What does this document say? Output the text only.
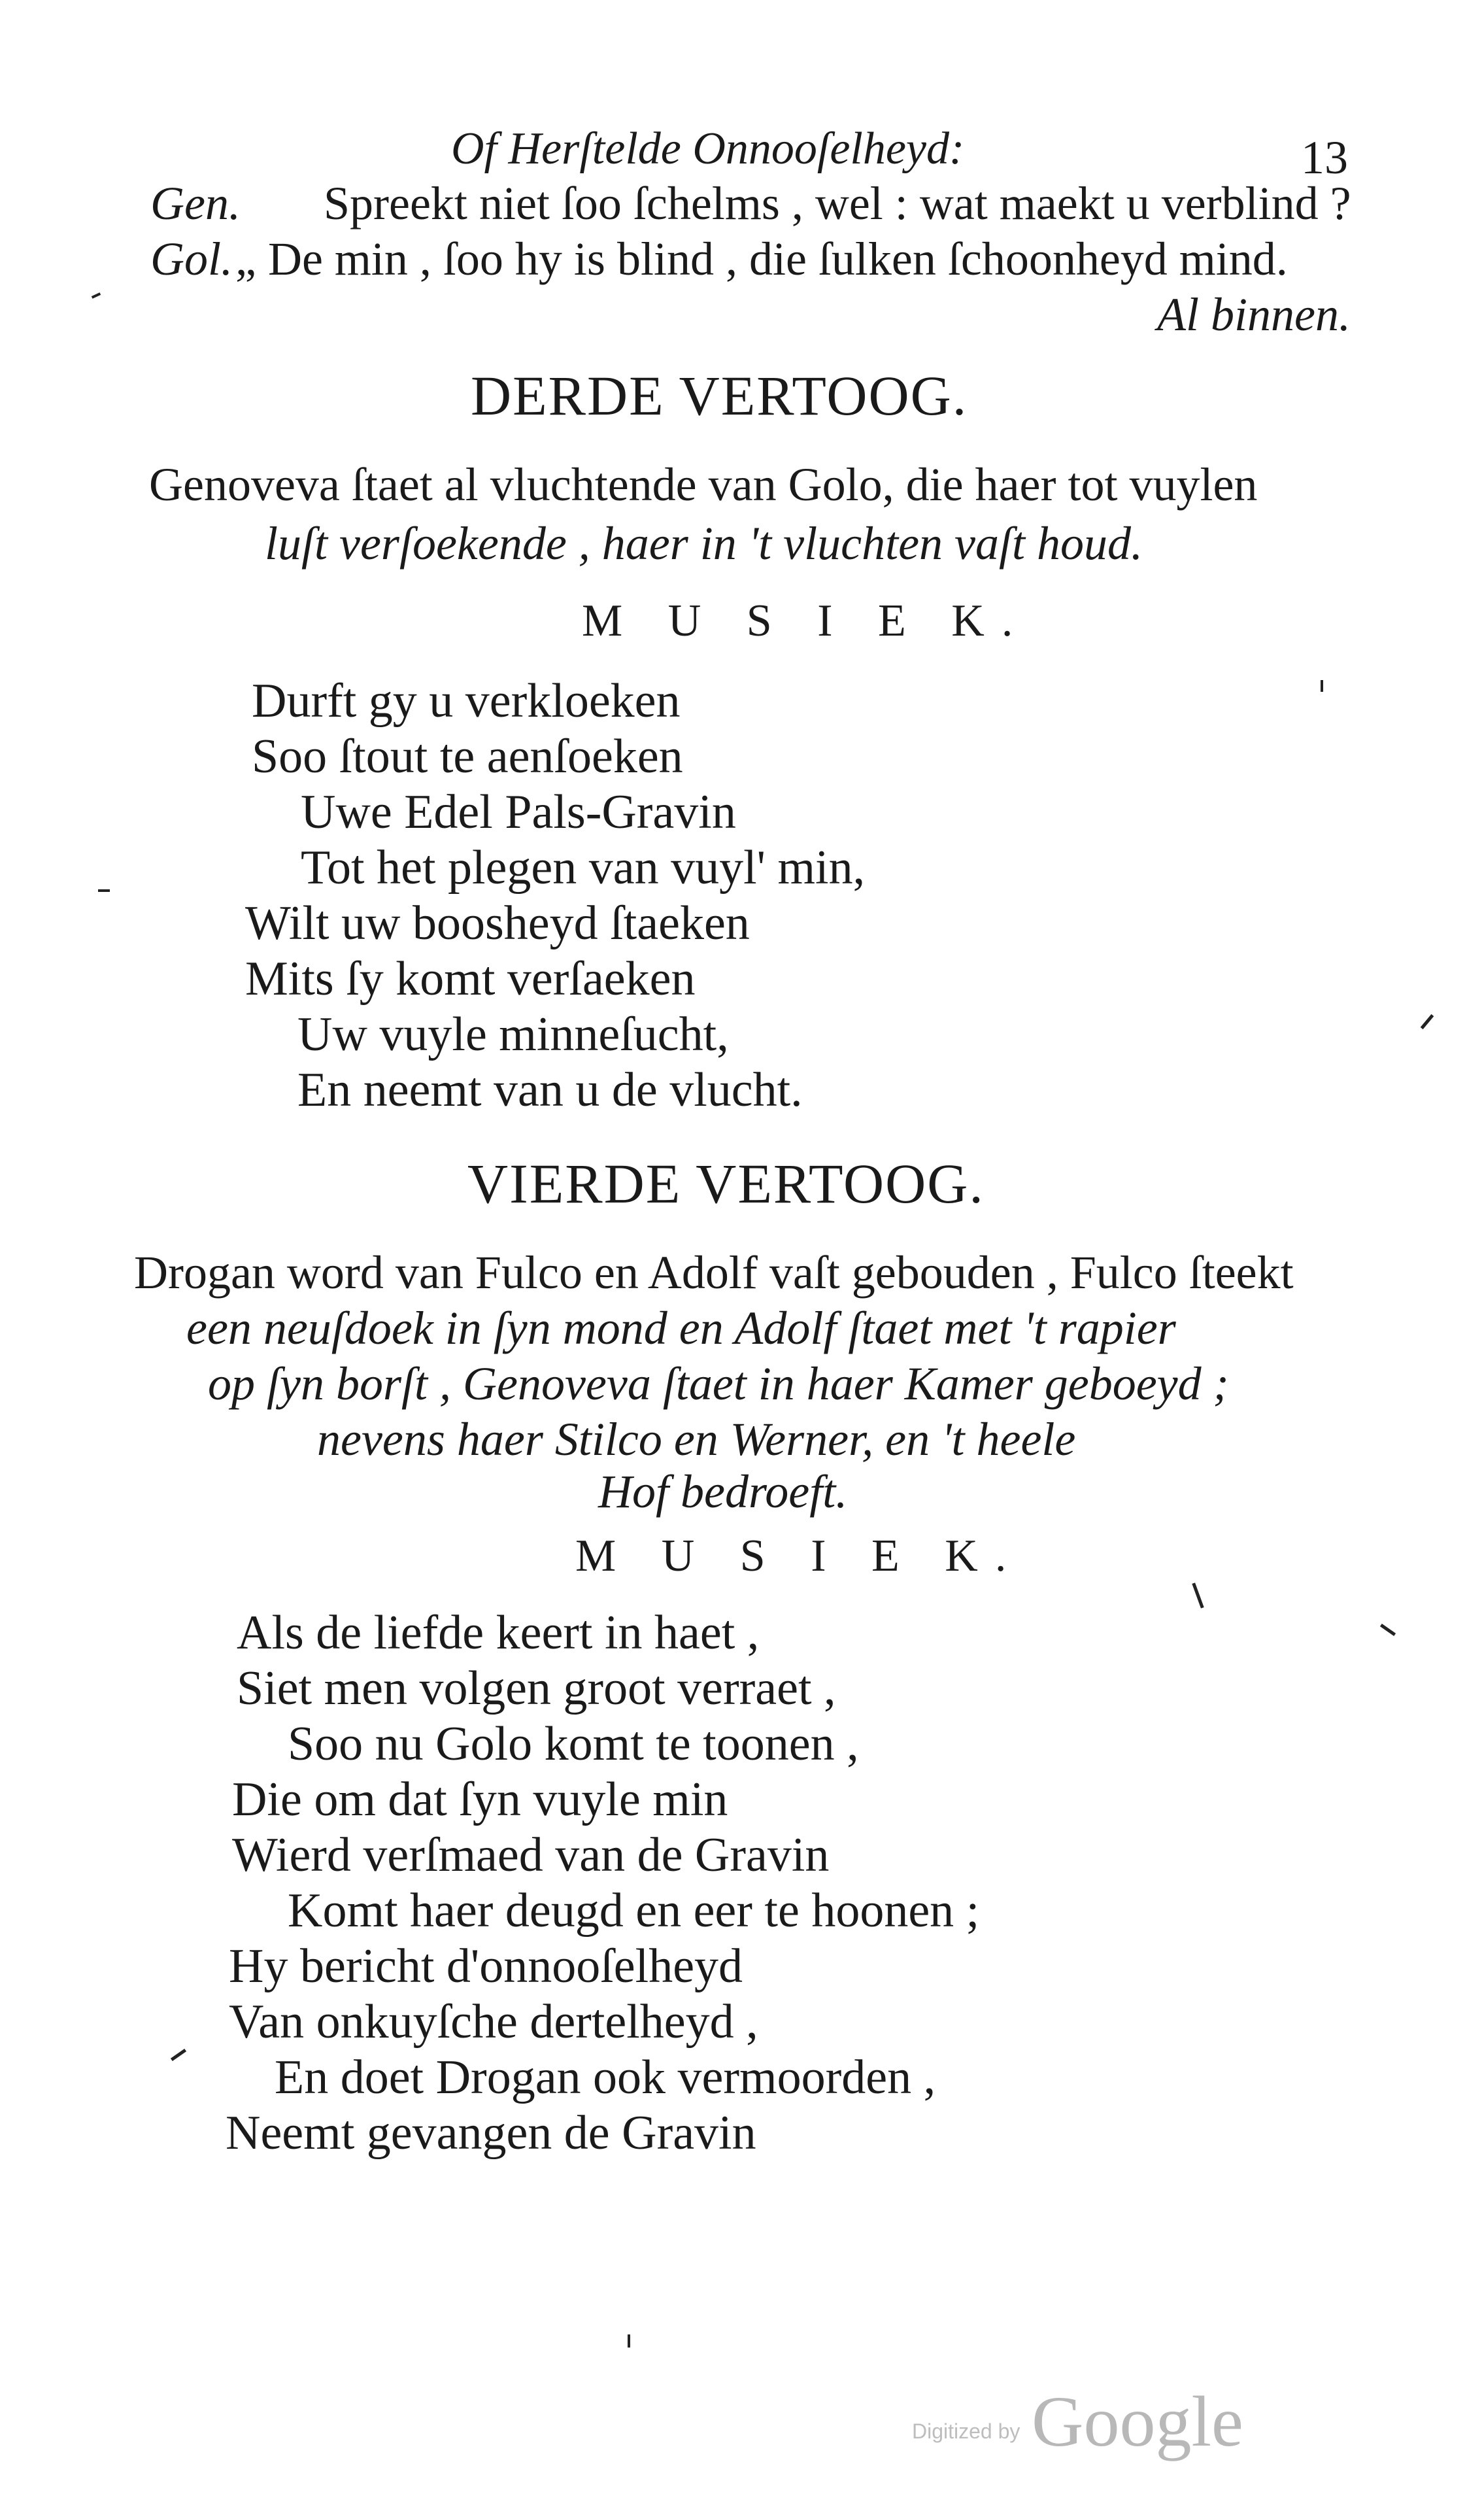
Of Herſtelde Onnooſelheyd:	13
Gen. Spreekt niet ſoo ſchelms , wel : wat maekt u verblind ?
Gol.„ De min , ſoo hy is blind , die ſulken ſchoonheyd mind.
Al binnen.
DERDE VERTOOG.
Genoveva ſtaet al vluchtende van Golo, die haer tot vuylen
luſt verſoekende , haer in 't vluchten vaſt houd.
M U S I E K.
Durft gy u verkloeken
Soo ſtout te aenſoeken
Uwe Edel Pals-Gravin
Tot het plegen van vuyl' min,
Wilt uw boosheyd ſtaeken
Mits ſy komt verſaeken
Uw vuyle minneſucht,
En neemt van u de vlucht.
VIERDE VERTOOG.
Drogan word van Fulco en Adolf vaſt gebouden , Fulco ſteekt
een neuſdoek in ſyn mond en Adolf ſtaet met 't rapier
op ſyn borſt , Genoveva ſtaet in haer Kamer geboeyd ;
nevens haer Stilco en Werner, en 't heele
Hof bedroeft.
M U S I E K.
Als de liefde keert in haet ,
Siet men volgen groot verraet ,
Soo nu Golo komt te toonen ,
Die om dat ſyn vuyle min
Wierd verſmaed van de Gravin
Komt haer deugd en eer te hoonen ;
Hy bericht d'onnooſelheyd
Van onkuyſche dertelheyd ,
En doet Drogan ook vermoorden ,
Neemt gevangen de Gravin
Digitized by Google
